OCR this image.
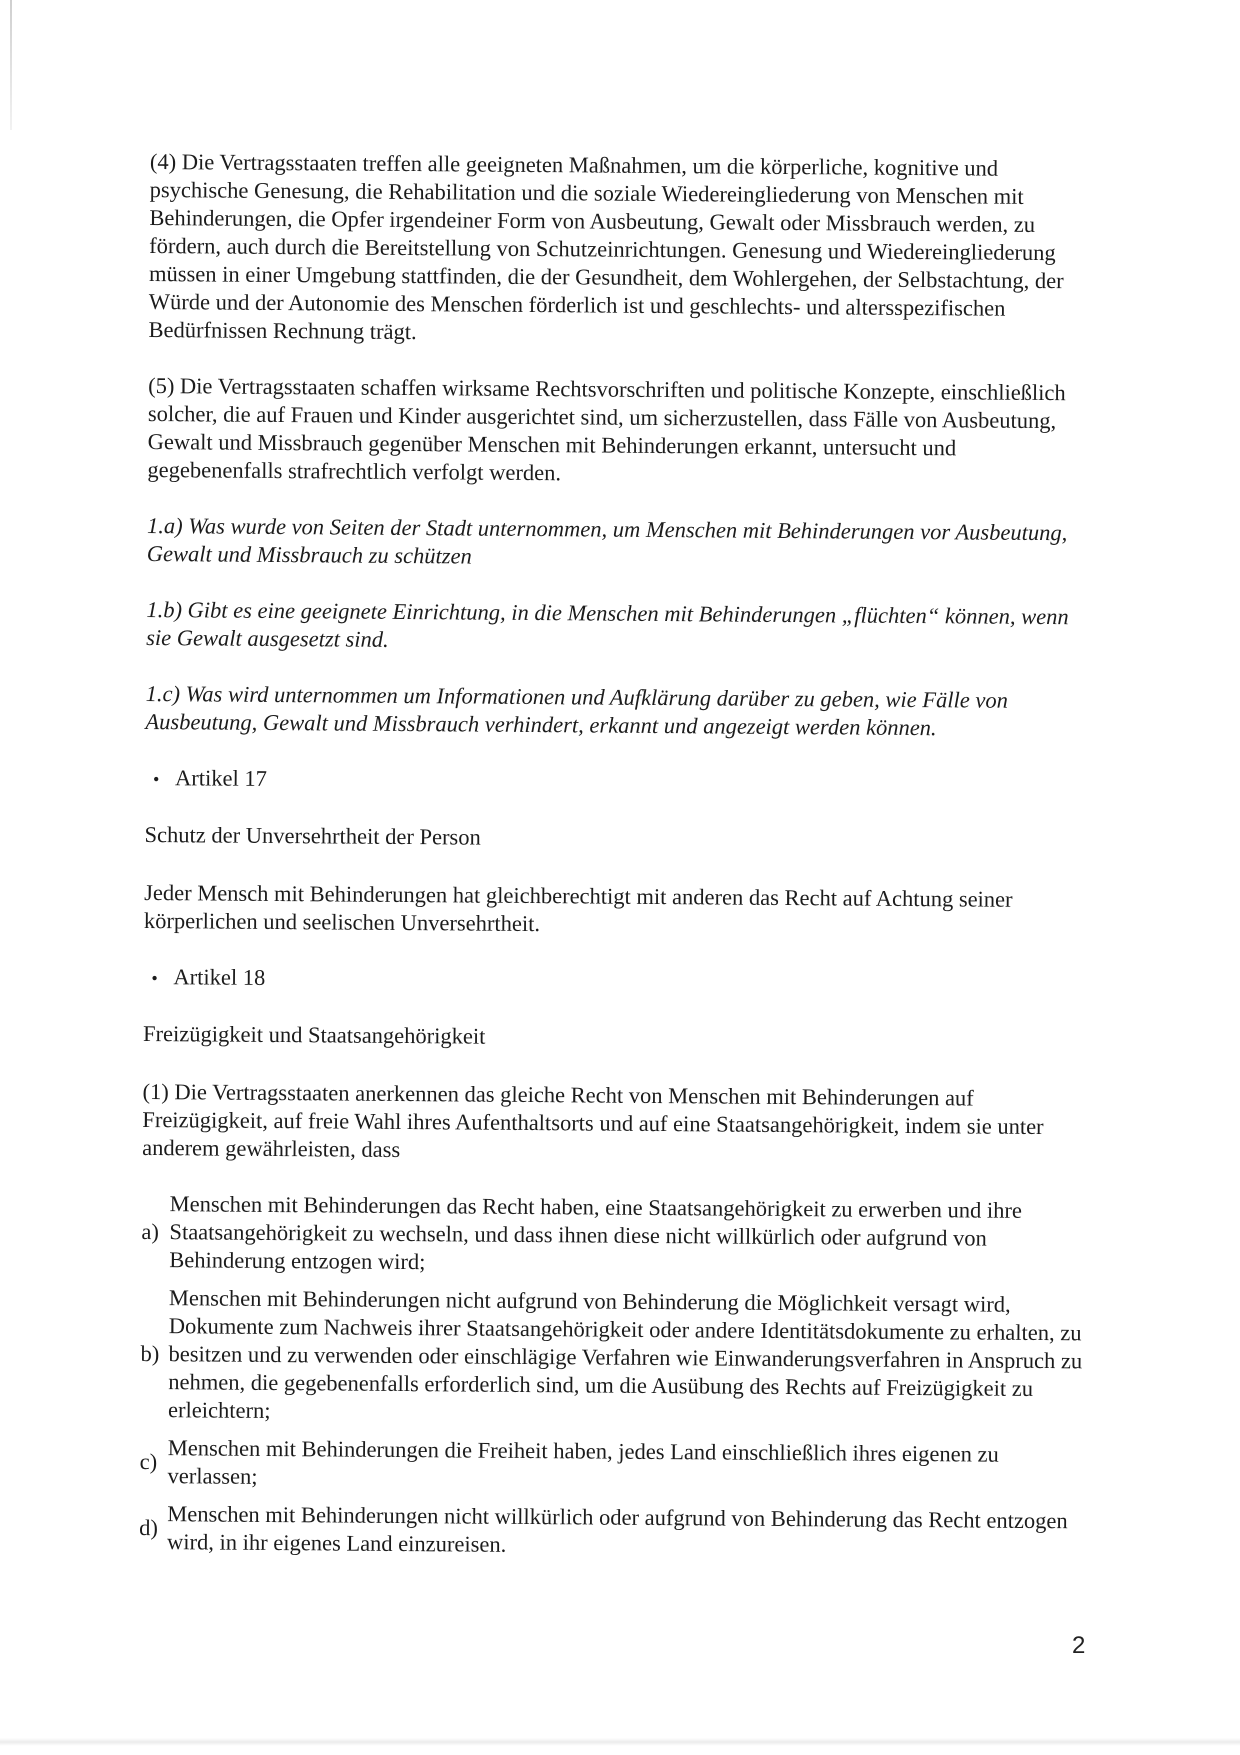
(4) Die Vertragsstaaten treffen alle geeigneten Maßnahmen, um die körperliche, kognitive und psychische Genesung, die Rehabilitation und die soziale Wiedereingliederung von Menschen mit Behinderungen, die Opfer irgendeiner Form von Ausbeutung, Gewalt oder Missbrauch werden, zu fördern, auch durch die Bereitstellung von Schutzeinrichtungen. Genesung und Wiedereingliederung müssen in einer Umgebung stattfinden, die der Gesundheit, dem Wohlergehen, der Selbstachtung, der Würde und der Autonomie des Menschen förderlich ist und geschlechts- und altersspezifischen Bedürfnissen Rechnung trägt.

(5) Die Vertragsstaaten schaffen wirksame Rechtsvorschriften und politische Konzepte, einschließlich solcher, die auf Frauen und Kinder ausgerichtet sind, um sicherzustellen, dass Fälle von Ausbeutung, Gewalt und Missbrauch gegenüber Menschen mit Behinderungen erkannt, untersucht und gegebenenfalls strafrechtlich verfolgt werden.

1.a) Was wurde von Seiten der Stadt unternommen, um Menschen mit Behinderungen vor Ausbeutung, Gewalt und Missbrauch zu schützen

1.b) Gibt es eine geeignete Einrichtung, in die Menschen mit Behinderungen „flüchten“ können, wenn sie Gewalt ausgesetzt sind.

1.c) Was wird unternommen um Informationen und Aufklärung darüber zu geben, wie Fälle von Ausbeutung, Gewalt und Missbrauch verhindert, erkannt und angezeigt werden können.

• Artikel 17

Schutz der Unversehrtheit der Person

Jeder Mensch mit Behinderungen hat gleichberechtigt mit anderen das Recht auf Achtung seiner körperlichen und seelischen Unversehrtheit.

• Artikel 18

Freizügigkeit und Staatsangehörigkeit

(1) Die Vertragsstaaten anerkennen das gleiche Recht von Menschen mit Behinderungen auf Freizügigkeit, auf freie Wahl ihres Aufenthaltsorts und auf eine Staatsangehörigkeit, indem sie unter anderem gewährleisten, dass

a)
Menschen mit Behinderungen das Recht haben, eine Staatsangehörigkeit zu erwerben und ihre Staatsangehörigkeit zu wechseln, und dass ihnen diese nicht willkürlich oder aufgrund von Behinderung entzogen wird;
b)
Menschen mit Behinderungen nicht aufgrund von Behinderung die Möglichkeit versagt wird, Dokumente zum Nachweis ihrer Staatsangehörigkeit oder andere Identitätsdokumente zu erhalten, zu besitzen und zu verwenden oder einschlägige Verfahren wie Einwanderungsverfahren in Anspruch zu nehmen, die gegebenenfalls erforderlich sind, um die Ausübung des Rechts auf Freizügigkeit zu erleichtern;
c) Menschen mit Behinderungen die Freiheit haben, jedes Land einschließlich ihres eigenen zu verlassen;
d) Menschen mit Behinderungen nicht willkürlich oder aufgrund von Behinderung das Recht entzogen wird, in ihr eigenes Land einzureisen.
2
